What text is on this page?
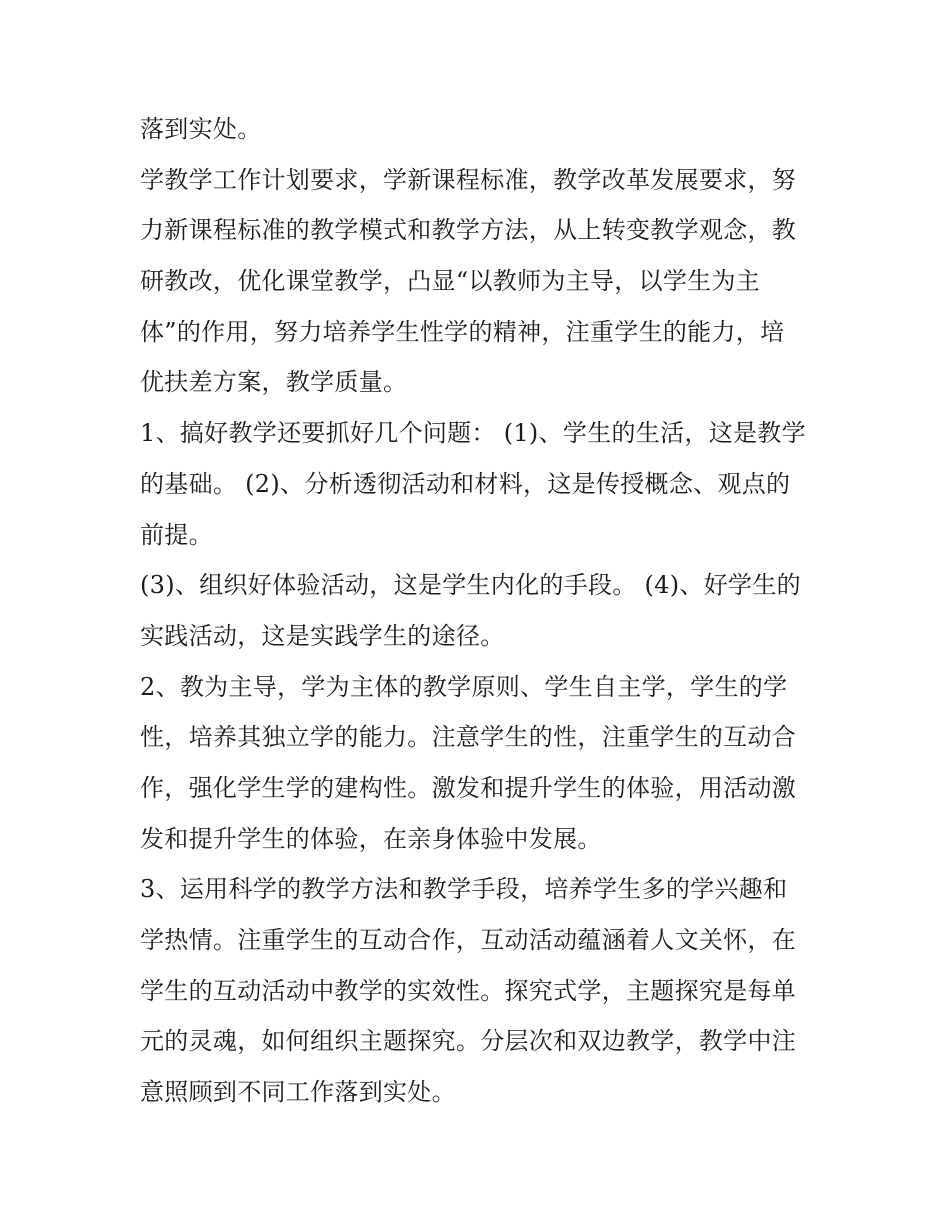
落到实处。
学教学工作计划要求，学新课程标准，教学改革发展要求，努
力新课程标准的教学模式和教学方法，从上转变教学观念，教
研教改，优化课堂教学，凸显“以教师为主导，以学生为主
体”的作用，努力培养学生性学的精神，注重学生的能力，培
优扶差方案，教学质量。
1、搞好教学还要抓好几个问题： (1)、学生的生活，这是教学
的基础。 (2)、分析透彻活动和材料，这是传授概念、观点的
前提。
(3)、组织好体验活动，这是学生内化的手段。 (4)、好学生的
实践活动，这是实践学生的途径。
2、教为主导，学为主体的教学原则、学生自主学，学生的学
性，培养其独立学的能力。注意学生的性，注重学生的互动合
作，强化学生学的建构性。激发和提升学生的体验，用活动激
发和提升学生的体验，在亲身体验中发展。
3、运用科学的教学方法和教学手段，培养学生多的学兴趣和
学热情。注重学生的互动合作，互动活动蕴涵着人文关怀，在
学生的互动活动中教学的实效性。探究式学，主题探究是每单
元的灵魂，如何组织主题探究。分层次和双边教学，教学中注
意照顾到不同工作落到实处。
